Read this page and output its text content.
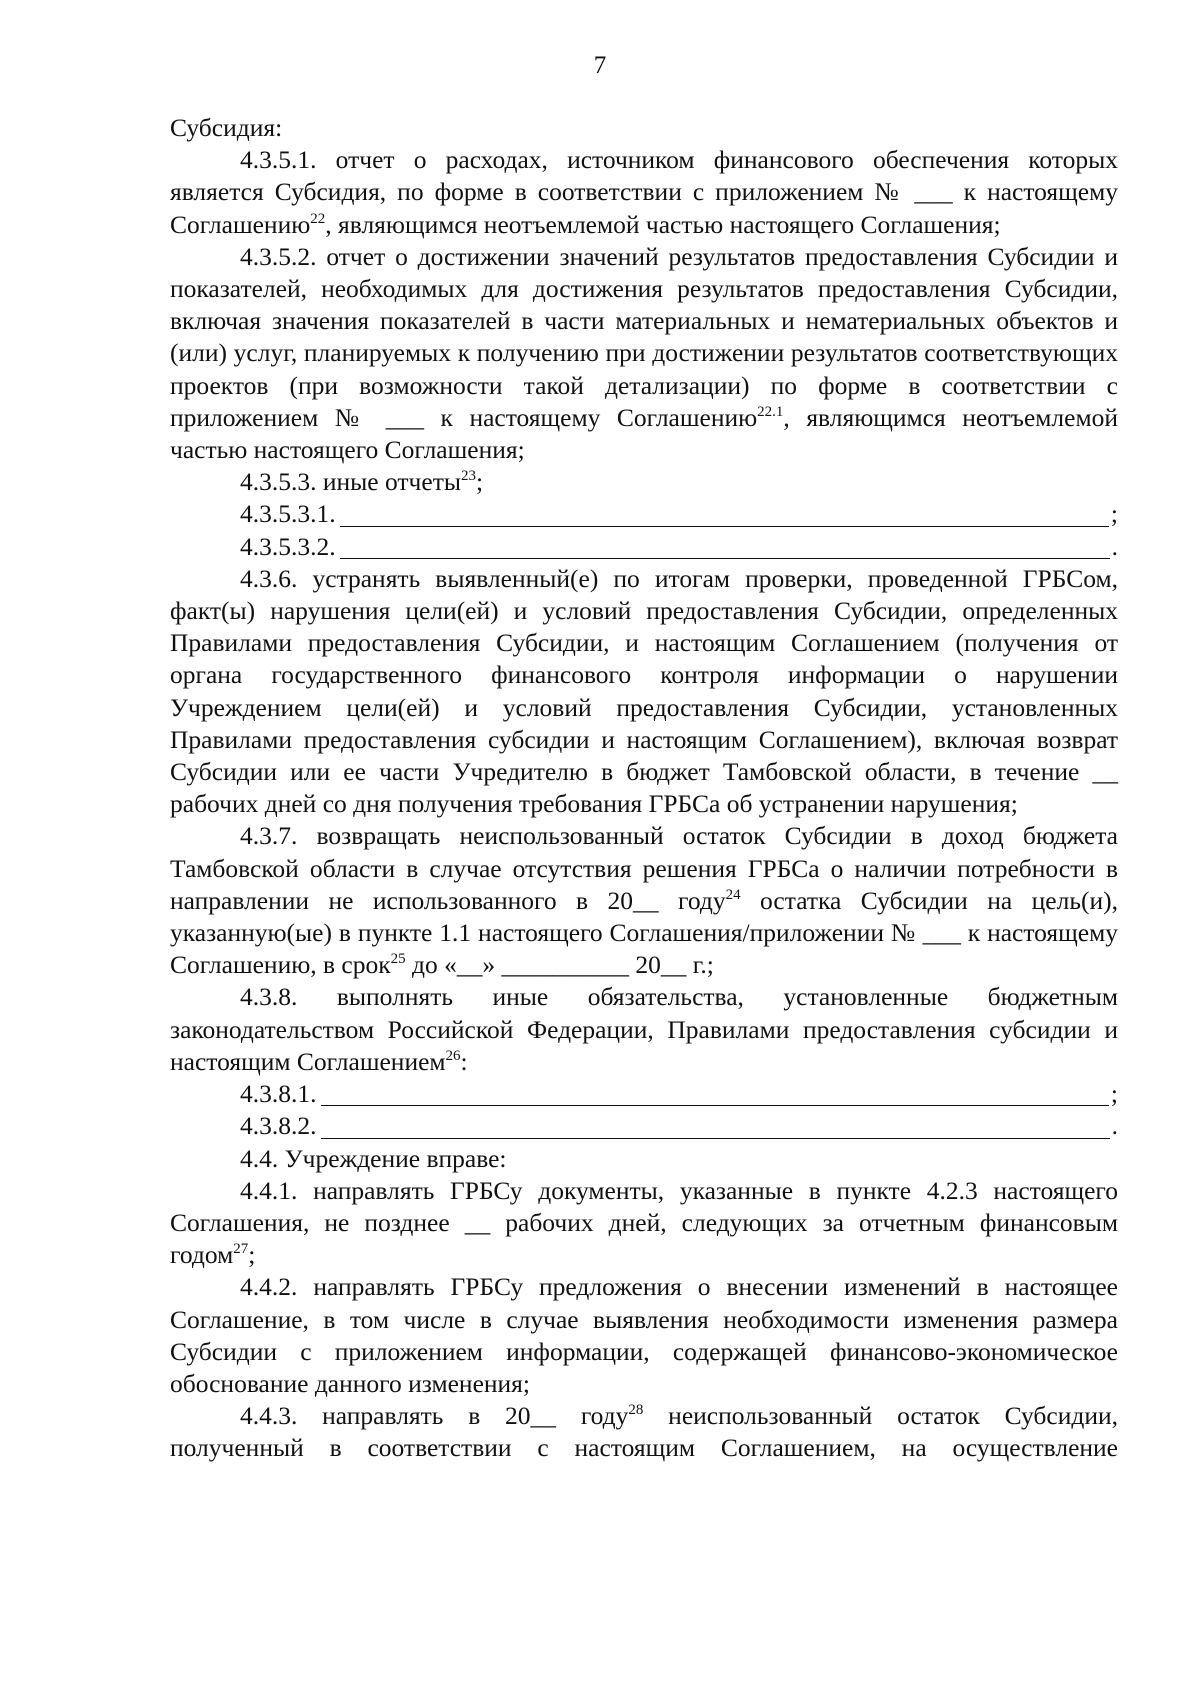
7

Субсидия:

4.3.5.1. отчет о расходах, источником финансового обеспечения которых является Субсидия, по форме в соответствии с приложением № ___ к настоящему Соглашению$^{22}$, являющимся неотъемлемой частью настоящего Соглашения;

4.3.5.2. отчет о достижении значений результатов предоставления Субсидии и показателей, необходимых для достижения результатов предоставления Субсидии, включая значения показателей в части материальных и нематериальных объектов и (или) услуг, планируемых к получению при достижении результатов соответствующих проектов (при возможности такой детализации) по форме в соответствии с приложением № ___ к настоящему Соглашению$^{22.1}$, являющимся неотъемлемой частью настоящего Соглашения;

4.3.5.3. иные отчеты$^{23}$;

4.3.5.3.1.	;
4.3.5.3.2.	.

4.3.6. устранять выявленный(е) по итогам проверки, проведенной ГРБСом, факт(ы) нарушения цели(ей) и условий предоставления Субсидии, определенных Правилами предоставления Субсидии, и настоящим Соглашением (получения от органа государственного финансового контроля информации о нарушении Учреждением цели(ей) и условий предоставления Субсидии, установленных Правилами предоставления субсидии и настоящим Соглашением), включая возврат Субсидии или ее части Учредителю в бюджет Тамбовской области, в течение __ рабочих дней со дня получения требования ГРБСа об устранении нарушения;

4.3.7. возвращать неиспользованный остаток Субсидии в доход бюджета Тамбовской области в случае отсутствия решения ГРБСа о наличии потребности в направлении не использованного в 20__ году$^{24}$ остатка Субсидии на цель(и), указанную(ые) в пункте 1.1 настоящего Соглашения/приложении № ___ к настоящему Соглашению, в срок$^{25}$ до «__» __________ 20__ г.;

4.3.8. выполнять иные обязательства, установленные бюджетным законодательством Российской Федерации, Правилами предоставления субсидии и настоящим Соглашением$^{26}$:

4.3.8.1.	;
4.3.8.2.	.

4.4. Учреждение вправе:

4.4.1. направлять ГРБСу документы, указанные в пункте 4.2.3 настоящего Соглашения, не позднее __ рабочих дней, следующих за отчетным финансовым годом$^{27}$;

4.4.2. направлять ГРБСу предложения о внесении изменений в настоящее Соглашение, в том числе в случае выявления необходимости изменения размера Субсидии с приложением информации, содержащей финансово-экономическое обоснование данного изменения;

4.4.3. направлять в 20__ году$^{28}$ неиспользованный остаток Субсидии, полученный в соответствии с настоящим Соглашением, на осуществление
